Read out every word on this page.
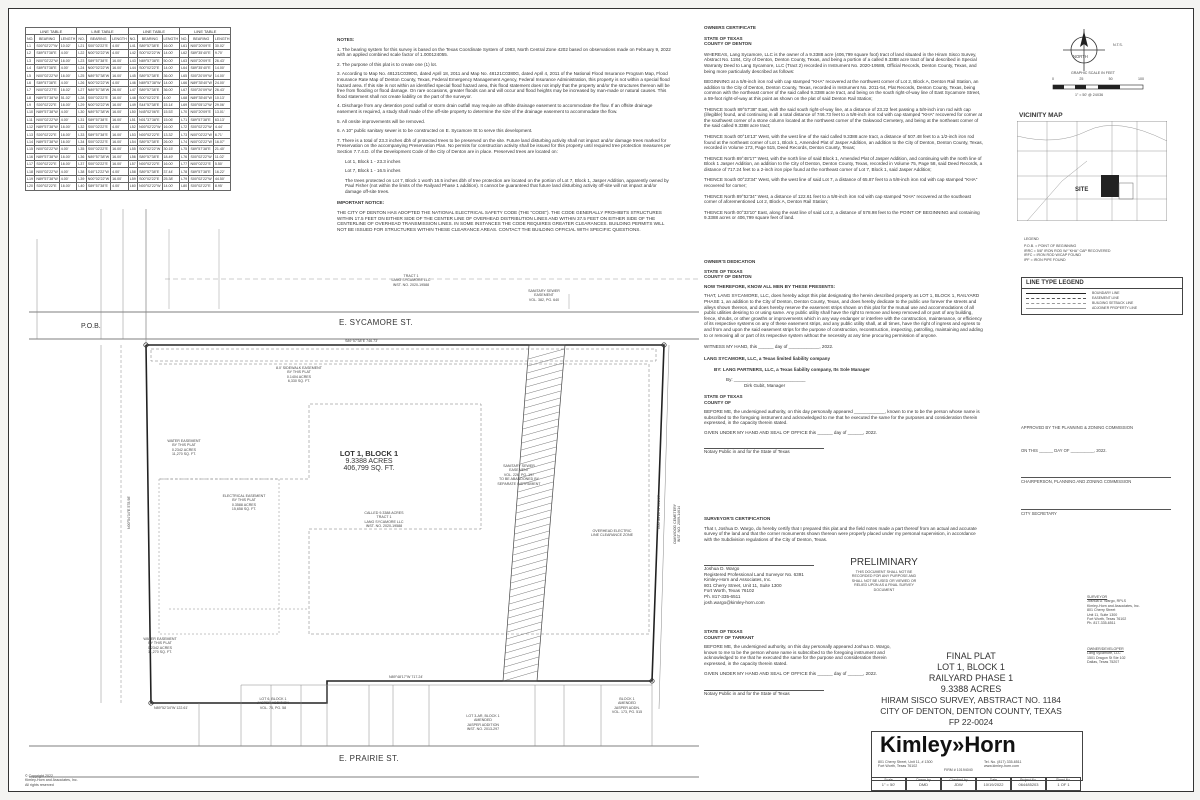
LINE TABLE			LINE TABLE			LINE TABLE			LINE TABLE		
NO.	BEARING	LENGTH	NO.	BEARING	LENGTH	NO.	BEARING	LENGTH	NO.	BEARING	LENGTH
L1	S00°02'27"W	10.02'	L21	S00°02'22"E	4.00'	L41	S89°57'38"E	16.00'	L61	N00°20'09"E	30.02'
L2	S89°57'38"E	4.00'	L22	N00°02'22"W	4.00'	L42	S00°02'22"W	14.00'	L62	S89°35'40"E	9.70'
L3	N00°02'22"W	16.00'	L23	S89°57'38"E	16.00'	L43	N89°57'38"E	50.00'	L63	N00°20'09"E	26.43'
L4	S89°57'38"E	4.00'	L24	N00°02'22"W	16.00'	L44	S00°02'22"E	14.00'	L64	S89°35'40"E	14.00'
L5	N00°02'22"W	16.00'	L25	N89°57'38"W	16.00'	L45	S89°57'38"E	36.00'	L65	S00°20'09"W	14.00'
L6	S89°57'38"E	4.00'	L26	N00°02'22"W	4.00'	L46	N89°57'38"W	14.00'	L66	N89°35'40"W	24.00'
L7	N00°02'27"E	16.02'	L27	N89°57'38"W	26.00'	L47	S89°57'38"E	36.00'	L67	S00°20'09"W	26.43'
L8	N89°57'38"W	51.02'	L28	S00°02'22"E	16.00'	L48	S00°02'22"E	4.00'	L68	N89°35'40"W	10.13'
L9	S00°02'22"E	16.00'	L29	N00°02'22"W	16.00'	L49	S44°57'38"E	15.14'	L69	S00°05'12"W	29.06'
L10	N89°57'38"W	4.00'	L30	N89°57'38"W	16.00'	L50	N45°02'06"E	15.53'	L70	N00°20'09"E	13.01'
L11	N00°02'22"W	4.00'	L31	S89°57'38"E	16.00'	L51	N01°37'38"E	15.06'	L71	S89°57'38"E	63.13'
L12	N89°57'38"W	16.00'	L32	S00°02'22"E	4.00'	L52	N00°02'22"W	16.00'	L72	S00°02'22"W	4.44'
L13	S00°02'22"E	16.00'	L33	S89°57'38"E	16.00'	L53	N00°02'22"E	13.32'	L73	N00°02'22"W	6.71'
L14	N89°57'38"W	16.00'	L34	S00°02'22"E	16.00'	L54	S89°57'38"E	26.00'	L74	N00°02'22"W	16.07'
L15	N00°02'22"W	4.00'	L35	S00°02'22"E	16.00'	L55	S00°02'22"W	30.15'	L75	S89°57'38"E	21.40'
L16	N89°57'38"W	16.00'	L36	N89°57'38"W	16.00'	L56	S89°57'38"E	18.49'	L76	S00°02'22"W	11.02'
L17	S00°02'22"E	16.00'	L37	S00°02'22"E	16.00'	L57	N00°02'22"E	16.00'	L77	N00°02'22"E	5.50'
L18	N00°02'22"W	4.00'	L38	S40°12'22"W	4.00'	L58	S89°57'38"E	37.44'	L78	S89°57'38"E	16.22'
L19	N89°57'38"W	4.00'	L39	N00°02'22"W	16.00'	L59	S00°02'22"E	25.38'	L79	S00°02'22"W	44.50'
L20	S00°02'22"E	16.00'	L40	S89°57'38"E	4.00'	L60	N00°02'22"W	14.00'	L80	S00°02'22"E	8.95'

NOTES:

1. The bearing system for this survey is based on the Texas Coordinate System of 1983, North Central Zone 4202 based on observations made on February 9, 2022 with an applied combined scale factor of 1.000124055.

2. The purpose of this plat is to create one (1) lot.

3. According to Map No. 48121C0390G, dated April 18, 2011 and Map No. 48121C0380G, dated April 4, 2011 of the National Flood Insurance Program Map, Flood Insurance Rate Map of Denton County, Texas, Federal Emergency Management Agency, Federal Insurance Administration, this property is not within a special flood hazard area. If this site is not within an identified special flood hazard area, this flood statement does not imply that the property and/or the structures thereon will be free from flooding or flood damage. On rare occasions, greater floods can and will occur and flood heights may be increased by man-made or natural causes. This flood statement shall not create liability on the part of the surveyor.

4. Discharge from any detention pond outfall or storm drain outfall may require an offsite drainage easement to accommodate the flow. If an offsite drainage easement is required, a study shall made of the off-site property to determine the size of the drainage easement to accommodate the flow.

5. All onsite improvements will be removed.

6. A 10" public sanitary sewer is to be constructed on E. Sycamore St to serve this development.

7. There is a total of 23.3 inches dbh of protected trees to be preserved on the site. Future land disturbing activity shall not impact and/or damage trees marked for Preservation on the accompanying Preservation Plan. No permits for construction activity shall be issued for this property until required tree protection measures per Section 7.7.4.D. of the Development Code of the City of Denton are in place. Preserved trees are located on:

Lot 1, Block 1 - 23.3 inches

Lot 7, Block 1 - 16.5 inches

The trees protected on Lot 7, Block 1 worth 16.5 inches dbh of tree protection are located on the portion of Lot 7, Block 1, Jasper Addition, apparently owned by Paul Fisher (not within the limits of the Railyard Phase 1 addition). It cannot be guaranteed that future land disturbing activity off-site will not impact and/or damage off-site trees.

IMPORTANT NOTICE:

THE CITY OF DENTON HAS ADOPTED THE NATIONAL ELECTRICAL SAFETY CODE (THE "CODE"). THE CODE GENERALLY PROHIBITS STRUCTURES WITHIN 17.5 FEET ON EITHER SIDE OF THE CENTER LINE OF OVERHEAD DISTRIBUTION LINES AND WITHIN 37.5 FEET ON EITHER SIDE OF THE CENTERLINE OF OVERHEAD TRANSMISSION LINES. IN SOME INSTANCES THE CODE REQUIRES GREATER CLEARANCES. BUILDING PERMITS WILL NOT BE ISSUED FOR STRUCTURES WITHIN THESE CLEARANCE AREAS. CONTACT THE BUILDING OFFICIAL WITH SPECIFIC QUESTIONS.

E. SYCAMORE ST.
E. PRAIRIE ST.
P.O.B.
S89°57'38"E 746.73'
N89°52'34"W 122.61'
N89°48'17"W 717.24'
N00°33'10"W 601.67'
N00°54'34"E 578.98'
LOT 1, BLOCK 1
9.3388 ACRES
406,799 SQ. FT.
CALLED 9.3388 ACRES
TRACT 1
LANG SYCAMORE LLC
INST. NO. 2020-19588
TRACT 1
LANG SYCAMORE LLC
INST. NO. 2020-19588
WATER EASEMENT
BY THIS PLAT
0.2342 ACRES
11,270 SQ. FT.
ELECTRICAL EASEMENT
BY THIS PLAT
0.3588 ACRES
15,658 SQ. FT.
SANITARY SEWER
EASEMENT
VOL. 382, PG. 640
OVERHEAD ELECTRIC
LINE CLEARANCE ZONE
8.0' SIDEWALK EASEMENT
BY THIS PLAT
0.1404 ACRES
6,330 SQ. FT.
SANITARY SEWER
EASEMENT
VOL. 226, PG. 197
TO BE ABANDONED BY
SEPARATE INSTRUMENT
WATER EASEMENT
BY THIS PLAT
0.2342 ACRES
11,270 SQ. FT.
OAKWOOD CEMETERY
INST. NO. 2009-14614
LOT 6, BLOCK 1
JASPER ADDITION
VOL. 75, PG. 58
BLOCK 1
AMENDED
JASPER ADDN.
VOL. 173, PG. 515
LOT 3-AR, BLOCK 1
AMENDED
JASPER ADDITION
INST. NO. 2013-297
© Copyright 2022
Kimley-Horn and Associates, Inc.
All rights reserved
OWNERS CERTIFICATE
STATE OF TEXAS
COUNTY OF DENTON
WHEREAS, Lang Sycamore, LLC is the owner of a 9.3388 acre (406,799 square foot) tract of land situated in the Hiram Sisco Survey, Abstract No. 1184, City of Denton, Denton County, Texas, and being a portion of a called 9.3388 acre tract of land described in Special Warranty Deed to Lang Sycamore, LLC (Tract 2) recorded in Instrument No. 2020-19588, Official Records, Denton County, Texas, and being more particularly described as follows:
BEGINNING at a 5/8-inch iron rod with cap stamped "KHA" recovered at the northwest corner of Lot 2, Block A, Denton Rail Station, an addition to the City of Denton, Denton County, Texas, recorded in Instrument No. 2011-54, Plat Records, Denton County, Texas, being common with the northeast corner of the said called 9.3388 acre tract, and being on the south right-of-way line of East Sycamore Street, a 59-foot right-of-way at this point as shown on the plat of said Denton Rail Station;
THENCE South 89°57'38" East, with the said south right-of-way line, at a distance of 23.22 feet passing a 5/8-inch iron rod with cap (illegible) found, and continuing in all a total distance of 746.73 feet to a 5/8-inch iron rod with cap stamped "KHA" recovered for corner at the southwest corner of a stone column located at the northwest corner of the Oakwood Cemetery, and being at the northeast corner of the said called 9.3388 acre tract;
THENCE South 00°16'13" West, with the west line of the said called 9.3388 acre tract, a distance of 507.48 feet to a 1/2-inch iron rod found at the northeast corner of Lot 1, Block 1, Amended Plat of Jasper Addition, an addition to the City of Denton, Denton County, Texas, recorded in Volume 173, Page 515, Deed Records, Denton County, Texas;
THENCE North 89°48'17" West, with the north line of said Block 1, Amended Plat of Jasper Addition, and continuing with the north line of Block 1 Jasper Addition, an addition to the City of Denton, Denton County, Texas, recorded in Volume 75, Page 58, said Deed Records, a distance of 717.24 feet to a 2-inch iron pipe found at the northeast corner of Lot 7, Block 1, said Jasper Addition;
THENCE South 00°23'34" West, with the west line of said Lot 7, a distance of 65.87 feet to a 5/8-inch iron rod with cap stamped "KHA" recovered for corner;
THENCE North 89°52'34" West, a distance of 122.61 feet to a 5/8-inch iron rod with cap stamped "KHA" recovered at the southeast corner of aforementioned Lot 2, Block A, Denton Rail Station;
THENCE North 00°33'10" East, along the east line of said Lot 2, a distance of 578.98 feet to the POINT OF BEGINNING and containing 9.3388 acres or 406,799 square feet of land.
OWNER'S DEDICATION
STATE OF TEXAS
COUNTY OF DENTON
NOW THEREFORE, KNOW ALL MEN BY THESE PRESENTS:
THAT, LANG SYCAMORE, LLC, does hereby adopt this plat designating the herein described property as LOT 1, BLOCK 1, RAILYARD PHASE 1, an addition to the City of Denton, Denton County, Texas, and does hereby dedicate to the public use forever the streets and alleys shown thereon, and does hereby reserve the easement strips shown on this plat for the mutual use and accommodations of all public utilities desiring to or using same. Any public utility shall have the right to remove and keep removed all or part of any building, fence, shrubs, or other growths or improvements which in any way endanger or interfere with the construction, maintenance, or efficiency of its respective systems on any of these easement strips, and any public utility shall, at all times, have the right of ingress and egress to and from and upon the said easement strips for the purpose of construction, reconstruction, inspecting, patrolling, maintaining and adding to or removing all or part of its respective system without the necessity at any time procuring permission of anyone.
WITNESS MY HAND, this ______ day of ____________, 2022.
LANG SYCAMORE, LLC, a Texas limited liability company
BY: LANG PARTNERS, LLC, a Texas liability company, Its Sole Manager
By: ____________________________
Dirk Gubit, Manager
STATE OF TEXAS
COUNTY OF
BEFORE ME, the undersigned authority, on this day personally appeared ____________, known to me to be the person whose name is subscribed to the foregoing instrument and acknowledged to me that he executed the same for the purposes and consideration therein expressed, in the capacity therein stated.
GIVEN UNDER MY HAND AND SEAL OF OFFICE this ______ day of ______, 2022.
Notary Public in and for the State of Texas
SURVEYOR'S CERTIFICATION
That I, Joshua D. Wargo, do hereby certify that I prepared this plat and the field notes made a part thereof from an actual and accurate survey of the land and that the corner monuments shown thereon were properly placed under my personal supervision, in accordance with the Subdivision regulations of the City of Denton, Texas.
Joshua D. Wargo
Registered Professional Land Surveyor No. 6391
Kimley-Horn and Associates, Inc.
801 Cherry Street, Unit 11, Suite 1300
Fort Worth, Texas 76102
Ph. 817-335-6511
josh.wargo@kimley-horn.com
PRELIMINARY
THIS DOCUMENT SHALL NOT BE RECORDED FOR ANY PURPOSE AND SHALL NOT BE USED OR VIEWED OR RELIED UPON AS A FINAL SURVEY DOCUMENT
STATE OF TEXAS
COUNTY OF TARRANT
BEFORE ME, the undersigned authority, on this day personally appeared Joshua D. Wargo, known to me to be the person whose name is subscribed to the foregoing instrument and acknowledged to me that he executed the same for the purpose and consideration therein expressed, in the capacity therein stated.
GIVEN UNDER MY HAND AND SEAL OF OFFICE this ______ day of ______, 2022.
Notary Public in and for the State of Texas
NORTH
N.T.S.
GRAPHIC SCALE IN FEET
0	25	50	100
1" = 50' @ 24X36
VICINITY MAP
SITE
LEGEND
P.O.B. = POINT OF BEGINNING
IRRC = 5/8" IRON ROD W/ "KHA" CAP RECOVERED
IRFC = IRON ROD W/CAP FOUND
IPF = IRON PIPE FOUND
LINE TYPE LEGEND
BOUNDARY LINE
EASEMENT LINE
BUILDING SETBACK LINE
ADJOINER PROPERTY LINE
APPROVED BY THE PLANNING & ZONING COMMISSION
ON THIS ______ DAY OF __________, 2022.
CHAIRPERSON, PLANNING AND ZONING COMMISSION
CITY SECRETARY
SURVEYOR
Joshua D. Wargo, RPLS
Kimley-Horn and Associates, Inc.
801 Cherry Street
Unit 11, Suite 1300
Fort Worth, Texas 76102
Ph. 817-335-6511
OWNER/DEVELOPER
Lang Sycamore, LLC
1501 Dragon St Ste 102
Dallas, Texas 75207
FINAL PLAT
LOT 1, BLOCK 1
RAILYARD PHASE 1
9.3388 ACRES
HIRAM SISCO SURVEY, ABSTRACT NO. 1184
CITY OF DENTON, DENTON COUNTY, TEXAS
FP 22-0024
Kimley»Horn
801 Cherry Street, Unit 11, # 1300
Fort Worth, Texas 76102
Tel. No. (817) 335-6511
www.kimley-horn.com
FIRM # 10194040
Scale
1" = 50'
Drawn by
DMD
Checked by
JDW
Date
10/19/2022
Project No.
064485203
Sheet No.
1 OF 1
